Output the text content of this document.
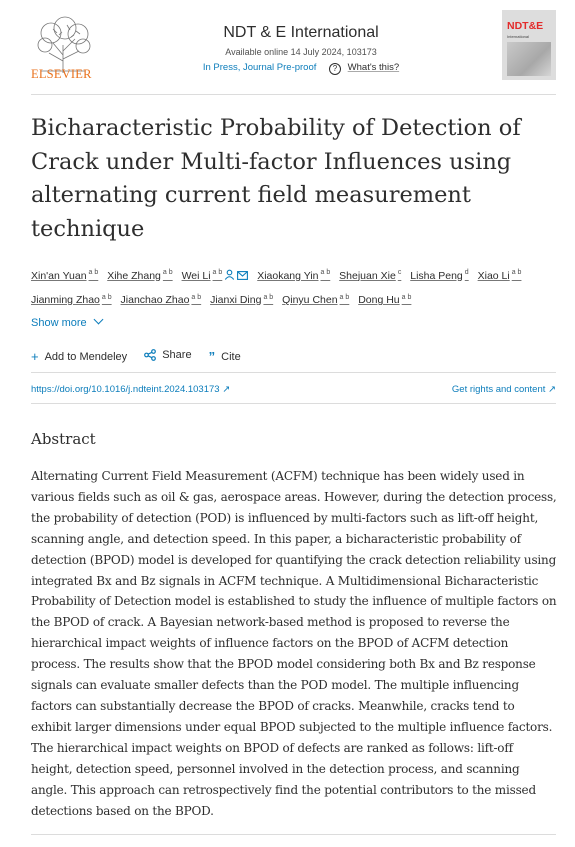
ELSEVIER
NDT & E International
Available online 14 July 2024, 103173
In Press, Journal Pre-proof ? What's this?
NDT&E
International
Bicharacteristic Probability of Detection of Crack under Multi-factor Influences using alternating current field measurement technique
Xin'an Yuan $^{a b}$ Xihe Zhang $^{a b}$ Wei Li $^{a b}$	Xiaokang Yin $^{a b}$ Shejuan Xie $^c$ Lisha Peng $^d$ Xiao Li $^{a b}$ Jianming Zhao $^{a b}$ Jianchao Zhao $^{a b}$ Jianxi Ding $^{a b}$ Qinyu Chen $^{a b}$ Dong Hu $^{a b}$
Show more
+ Add to Mendeley
	Share
” Cite
https://doi.org/10.1016/j.ndteint.2024.103173 ↗	Get rights and content ↗
Abstract

Alternating Current Field Measurement (ACFM) technique has been widely used in various fields such as oil & gas, aerospace areas. However, during the detection process, the probability of detection (POD) is influenced by multi-factors such as lift-off height, scanning angle, and detection speed. In this paper, a bicharacteristic probability of detection (BPOD) model is developed for quantifying the crack detection reliability using integrated Bx and Bz signals in ACFM technique. A Multidimensional Bicharacteristic Probability of Detection model is established to study the influence of multiple factors on the BPOD of crack. A Bayesian network-based method is proposed to reverse the hierarchical impact weights of influence factors on the BPOD of ACFM detection process. The results show that the BPOD model considering both Bx and Bz response signals can evaluate smaller defects than the POD model. The multiple influencing factors can substantially decrease the BPOD of cracks. Meanwhile, cracks tend to exhibit larger dimensions under equal BPOD subjected to the multiple influence factors. The hierarchical impact weights on BPOD of defects are ranked as follows: lift-off height, detection speed, personnel involved in the detection process, and scanning angle. This approach can retrospectively find the potential contributors to the missed detections based on the BPOD.
